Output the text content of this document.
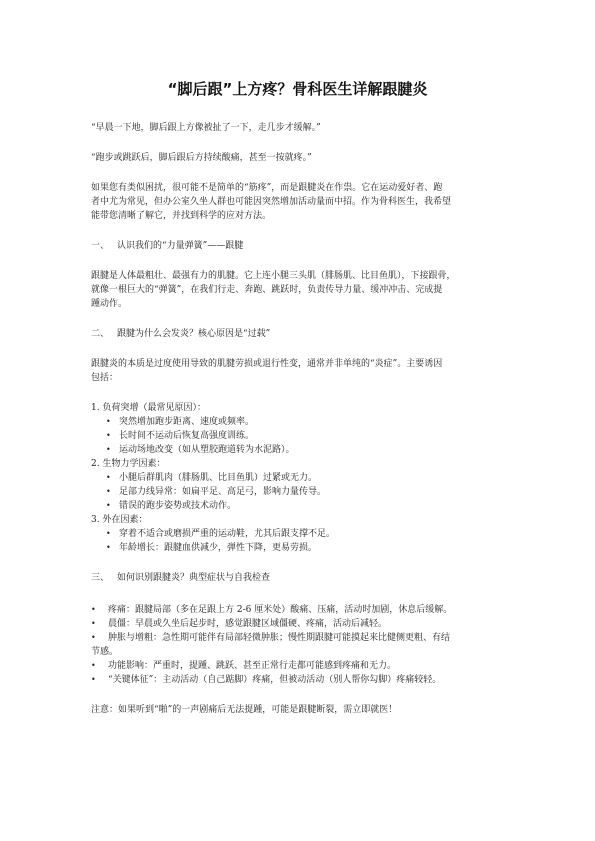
“脚后跟”上方疼？骨科医生详解跟腱炎
“早晨一下地，脚后跟上方像被扯了一下，走几步才缓解。”
“跑步或跳跃后，脚后跟后方持续酸痛，甚至一按就疼。”
如果您有类似困扰，很可能不是简单的“筋疼”，而是跟腱炎在作祟。它在运动爱好者、跑
者中尤为常见，但办公室久坐人群也可能因突然增加活动量而中招。作为骨科医生，我希望
能带您清晰了解它，并找到科学的应对方法。
一、 认识我们的“力量弹簧”——跟腱
跟腱是人体最粗壮、最强有力的肌腱。它上连小腿三头肌（腓肠肌、比目鱼肌），下接跟骨，
就像一根巨大的“弹簧”，在我们行走、奔跑、跳跃时，负责传导力量、缓冲冲击、完成提
踵动作。
二、 跟腱为什么会发炎？核心原因是“过载”
跟腱炎的本质是过度使用导致的肌腱劳损或退行性变，通常并非单纯的“炎症”。主要诱因
包括：
1. 负荷突增（最常见原因）：
• 突然增加跑步距离、速度或频率。
• 长时间不运动后恢复高强度训练。
• 运动场地改变（如从塑胶跑道转为水泥路）。
2. 生物力学因素：
• 小腿后群肌肉（腓肠肌、比目鱼肌）过紧或无力。
• 足部力线异常：如扁平足、高足弓，影响力量传导。
• 错误的跑步姿势或技术动作。
3. 外在因素：
• 穿着不适合或磨损严重的运动鞋，尤其后跟支撑不足。
• 年龄增长：跟腱血供减少，弹性下降，更易劳损。
三、 如何识别跟腱炎？典型症状与自我检查
• 疼痛：跟腱局部（多在足跟上方 2-6 厘米处）酸痛、压痛，活动时加剧，休息后缓解。
• 晨僵：早晨或久坐后起步时，感觉跟腱区域僵硬、疼痛，活动后减轻。
• 肿胀与增粗：急性期可能伴有局部轻微肿胀；慢性期跟腱可能摸起来比健侧更粗、有结
节感。
• 功能影响：严重时，提踵、跳跃、甚至正常行走都可能感到疼痛和无力。
• “关键体征”：主动活动（自己踮脚）疼痛，但被动活动（别人帮你勾脚）疼痛较轻。
注意：如果听到“啪”的一声剧痛后无法提踵，可能是跟腱断裂，需立即就医！
